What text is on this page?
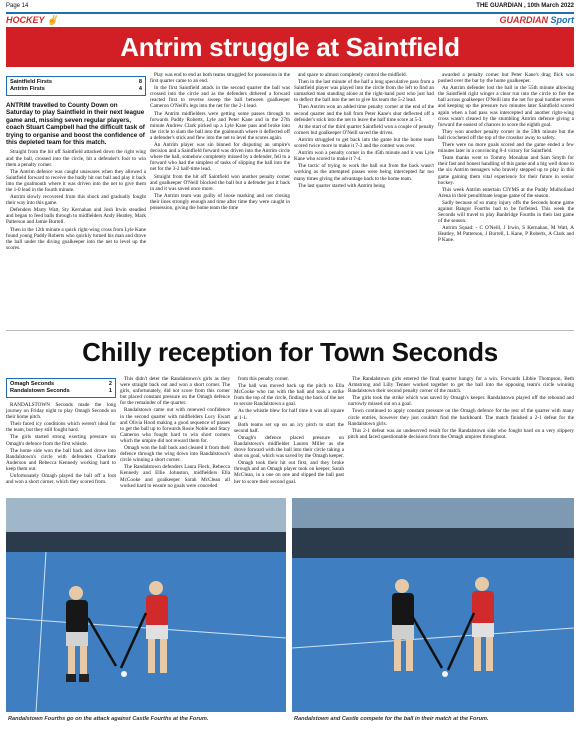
Page 14	THE GUARDIAN , 10th March 2022
HOCKEY ✌	GUARDIAN Sport
Antrim struggle at Saintfield
Saintfield Firsts	8
Antrim Firsts	4
ANTRIM travelled to County Down on Saturday to play Saintfield in their next league game and, missing seven regular players, coach Stuart Campbell had the difficult task of trying to organise and boost the confidence of this depleted team for this match.

Straight from the hit off Saintfield attacked down the right wing and the ball, crossed into the circle, hit a defender's foot to win them a penalty corner.

The Antrim defence was caught unawares when they allowed a Saintfield forward to receive the badly hit out ball and play it back into the goalmouth where it was driven into the net to give them the 1-0 lead in the fourth minute.

Antrim slowly recovered from this shock and gradually fought their way into this game.

Defenders Marty Watt, Sty Kernahan and Josh Irwin steadied and began to feed balls through to midfielders Andy Heatley, Mark Patterson and Jamie Burrell.

Then in the 12th minute a quick right-wing cross from Lyle Kane found young Paddy Roberts who quickly turned his man and drove the ball under the diving goalkeeper into the net to level up the scores.

Play was end to end as both teams struggled for possession in the first quarter came to an end.

In the first Saintfield attack in the second quarter the ball was crossed into the circle and as the defenders dithered a forward reacted first to reverse sweep the ball between goalkeeper Cameron O'Neill's legs into the net for the 2-1 lead.

The Antrim midfielders were getting some passes through to forwards Paddy Roberts, Lyle and Peter Kane and in the 27th minute Andrew Clark picked up a Lyle Kane pass and broke into the circle to slam the ball into the goalmouth where it deflected off a defender's stick and flew into the net to level the scores again.

An Antrim player was sin binned for disputing an umpire's decision and a Saintfield forward was driven into the Antrim circle where the ball, somehow completely missed by a defender, fell to a forward who had the simplest of tasks of slipping the ball into the net for the 3-2 half-time lead.

Straight from the hit off Saintfield won another penalty corner and goalkeeper O'Neill blocked the ball but a defender put it back in and it was saved once more.

The Antrim team was guilty of loose marking and not closing their lines strongly enough and time after time they were caught in possession, giving the home team the time

and space to almost completely control the midfield.

Then in the last minute of the half a long speculative pass from a Saintfield player was played into the circle from the left to find an unmarked man standing alone at the right-hand post who just had to deflect the ball into the net to give his team the 5-2 lead.

Then Antrim won an added time penalty corner at the end of the second quarter and the ball from Peter Kane's shot deflected off a defender's stick into the net to leave the half time score at 5-3.

At the start of the third quarter Saintfield won a couple of penalty corners but goalkeeper O'Neill saved the drives.

Antrim struggled to get back into the game but the home team scored twice more to make it 7-3 and the contest was over.

Antrim won a penalty corner in the 45th minute and it was Lyle Kane who scored to make it 7-4.

The tactic of trying to work the ball out from the back wasn't working as the attempted passes were being intercepted far too many times giving the advantage back to the home team.

The last quarter started with Antrim being

awarded a penalty corner but Peter Kane's drag flick was pushed over the bar by the home goalkeeper.

An Antrim defender lost the ball in the 55th minute allowing the Saintfield right winger a clear run into the circle to fire the ball across goalkeeper O'Neill into the net for goal number seven and keeping up the pressure two minutes later Saintfield scored again when a bad pass was intercepted and another right-wing cross wasn't cleared by the stumbling Antrim defence giving a forward the easiest of chances to score the eighth goal.

They won another penalty corner in the 59th minute but the ball ricocheted off the top of the crossbar away to safety.

There were no more goals scored and the game ended a few minutes later in a convincing 8-4 victory for Saintfield.

Team thanks went to Tommy Monahan and Sam Smyth for their fast and honest handling of this game and a big well done to the six Antrim teenagers who bravely stepped up to play in this game gaining them vital experience for their future in senior hockey.

This week Antrim entertain CIYMS at the Paddy Mulholland Arena in their penultimate league game of the season.

Sadly because of so many injury offs the Seconds home game against Bangor Fourths had to be forfeited. This week the Seconds will travel to play Banbridge Fourths in their last game of the season.

Antrim Squad: - C O'Neill, J Irwin, S Kernahan, M Watt, A Heatley, M Patterson, J Burrell, L Kane, P Roberts, A Clark and P Kane.

Chilly reception for Town Seconds
Omagh Seconds	2
Randalstown Seconds	1

RANDALSTOWN Seconds made the long journey on Friday night to play Omagh Seconds on their home pitch.

Their faced icy conditions which weren't ideal for the team, but they still fought hard.

The girls started strong exerting pressure on Omagh's defence from the first whistle.

The home side won the ball back and drove into Randalstown's circle with defenders Charlotte Anderson and Rebecca Kennedy working hard to keep them out.

Unfortunately Omagh played the ball off a foot and won a short corner, which they scored from.

This didn't deter the Randalstown's girls as they were straight back out and won a short corner. The girls, unfortunately, did not score from this corner but placed constant pressure on the Omagh defence for the remainder of the quarter.

Randalstown came out with renewed confidence in the second quarter with midfielders Lucy Ewart and Olivia Hood making a good sequence of passes to get the ball up to forwards Rosie Noble and Stacy Cameron who fought hard to win short corners which the umpire did not reward them for.

Omagh won the ball back and cleared it from their defence through the wing down into Randalstown's circle winning a short corner.

The Randalstown defenders Laura Fleck, Rebecca Kennedy and Ellie Johnston, midfielders Ella McCooke and goalkeeper Sarah McClean all worked hard to ensure no goals were conceded

from this penalty corner.

The ball was moved back up the pitch to Ella McCooke who ran with the ball and took a strike from the top of the circle, finding the back of the net to secure Randalstown a goal.

As the whistle blew for half time it was all square at 1-1.

Both teams set up on an icy pitch to start the second half.

Omagh's defence placed pressure on Randalstown's midfielder Lauren Miller as she drove forward with the ball into their circle taking a shot on goal, which was saved by the Omagh keeper.

Omagh took their hit out first, and they broke through and an Omagh player took on keeper, Sarah McClean, in a one on one and slipped the ball past her to score their second goal.

The Randalstown girls entered the final quarter hungry for a win. Forwards Libbie Thompson, Beth Armstrong and Lilly Tenner worked together to get the ball into the opposing team's circle winning Randalstown their second penalty corner of the match.

The girls took the strike which was saved by Omagh's keeper. Randalstown played off the rebound and narrowly missed out on a goal.

Town continued to apply constant pressure on the Omagh defence for the rest of the quarter with many circle entries, however they just couldn't find the backboard. The match finished a 2-1 defeat for the Randalstown girls.

This 2-1 defeat was an undeserved result for the Randalstown side who fought hard on a very slippery pitch and faced questionable decisions from the Omagh umpires throughout.

Randalstown Fourths go on the attack against Castle Fourths at the Forum.	Randalstown and Castle compete for the ball in their match at the Forum.
